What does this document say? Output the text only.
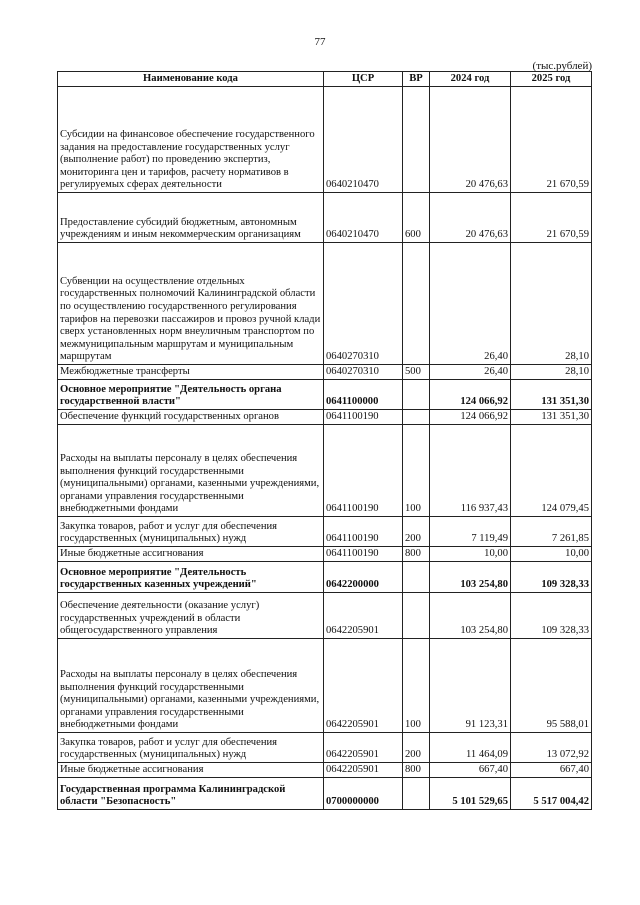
77
(тыс.рублей)
Наименование кода	ЦСР	ВР	2024 год	2025 год
Субсидии на финансовое обеспечение государственного задания на предоставление государственных услуг (выполнение работ) по проведению экспертиз, мониторинга цен и тарифов, расчету нормативов в регулируемых сферах деятельности	0640210470		20 476,63	21 670,59
Предоставление субсидий бюджетным, автономным учреждениям и иным некоммерческим организациям	0640210470	600	20 476,63	21 670,59
Субвенции на осуществление отдельных государственных полномочий Калининградской области по осуществлению государственного регулирования тарифов на перевозки пассажиров и провоз ручной клади сверх установленных норм внеуличным транспортом по межмуниципальным маршрутам и муниципальным маршрутам	0640270310		26,40	28,10
Межбюджетные трансферты	0640270310	500	26,40	28,10
Основное мероприятие "Деятельность органа государственной власти"	0641100000		124 066,92	131 351,30
Обеспечение функций государственных органов	0641100190		124 066,92	131 351,30
Расходы на выплаты персоналу в целях обеспечения выполнения функций государственными (муниципальными) органами, казенными учреждениями, органами управления государственными внебюджетными фондами	0641100190	100	116 937,43	124 079,45
Закупка товаров, работ и услуг для обеспечения государственных (муниципальных) нужд	0641100190	200	7 119,49	7 261,85
Иные бюджетные ассигнования	0641100190	800	10,00	10,00
Основное мероприятие "Деятельность государственных казенных учреждений"	0642200000		103 254,80	109 328,33
Обеспечение деятельности (оказание услуг) государственных учреждений в области общегосударственного управления	0642205901		103 254,80	109 328,33
Расходы на выплаты персоналу в целях обеспечения выполнения функций государственными (муниципальными) органами, казенными учреждениями, органами управления государственными внебюджетными фондами	0642205901	100	91 123,31	95 588,01
Закупка товаров, работ и услуг для обеспечения государственных (муниципальных) нужд	0642205901	200	11 464,09	13 072,92
Иные бюджетные ассигнования	0642205901	800	667,40	667,40
Государственная программа Калининградской области "Безопасность"	0700000000		5 101 529,65	5 517 004,42
